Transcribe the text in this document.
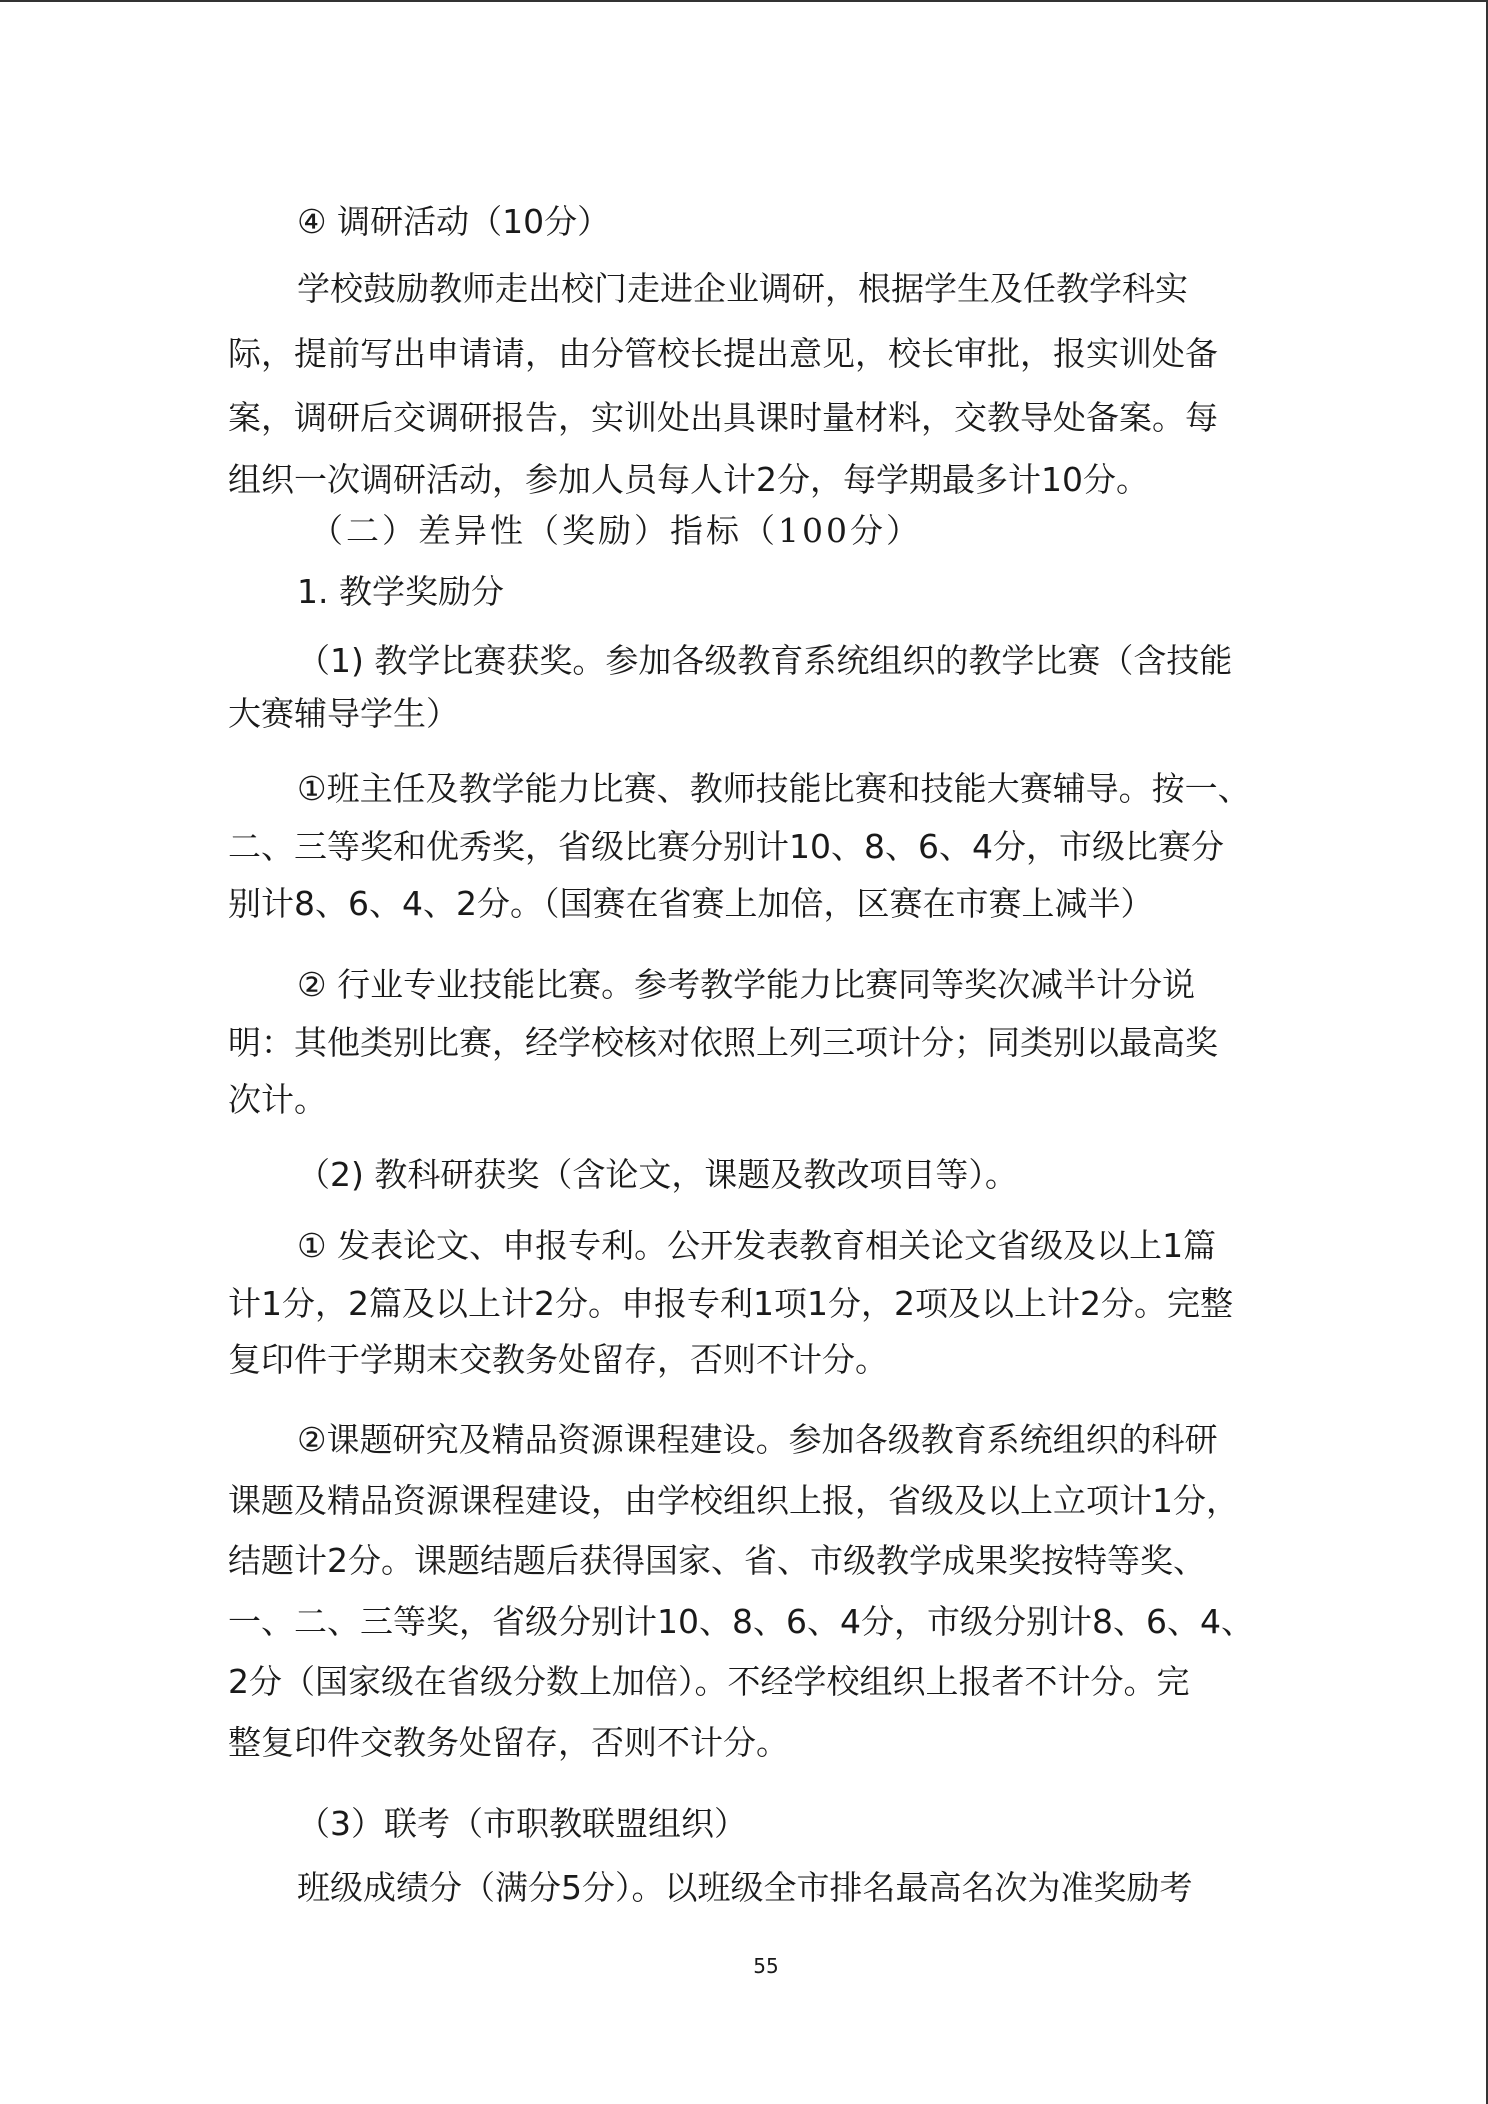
④ 调研活动（10分）
学校鼓励教师走出校门走进企业调研，根据学生及任教学科实
际，提前写出申请请，由分管校长提出意见，校长审批，报实训处备
案，调研后交调研报告，实训处出具课时量材料，交教导处备案。每
组织一次调研活动，参加人员每人计2分，每学期最多计10分。
（二）差异性（奖励）指标（100分）
1. 教学奖励分
（1) 教学比赛获奖。参加各级教育系统组织的教学比赛（含技能
大赛辅导学生）
①班主任及教学能力比赛、教师技能比赛和技能大赛辅导。按一、
二、三等奖和优秀奖，省级比赛分别计10、8、6、4分，市级比赛分
别计8、6、4、2分。（国赛在省赛上加倍，区赛在市赛上减半）
② 行业专业技能比赛。参考教学能力比赛同等奖次减半计分说
明：其他类别比赛，经学校核对依照上列三项计分；同类别以最高奖
次计。
（2) 教科研获奖（含论文，课题及教改项目等）。
① 发表论文、申报专利。公开发表教育相关论文省级及以上1篇
计1分，2篇及以上计2分。申报专利1项1分，2项及以上计2分。完整
复印件于学期末交教务处留存，否则不计分。
②课题研究及精品资源课程建设。参加各级教育系统组织的科研
课题及精品资源课程建设，由学校组织上报，省级及以上立项计1分，
结题计2分。课题结题后获得国家、省、市级教学成果奖按特等奖、
一、二、三等奖，省级分别计10、8、6、4分，市级分别计8、6、4、
2分（国家级在省级分数上加倍）。不经学校组织上报者不计分。完
整复印件交教务处留存，否则不计分。
（3）联考（市职教联盟组织）
班级成绩分（满分5分）。以班级全市排名最高名次为准奖励考
55
